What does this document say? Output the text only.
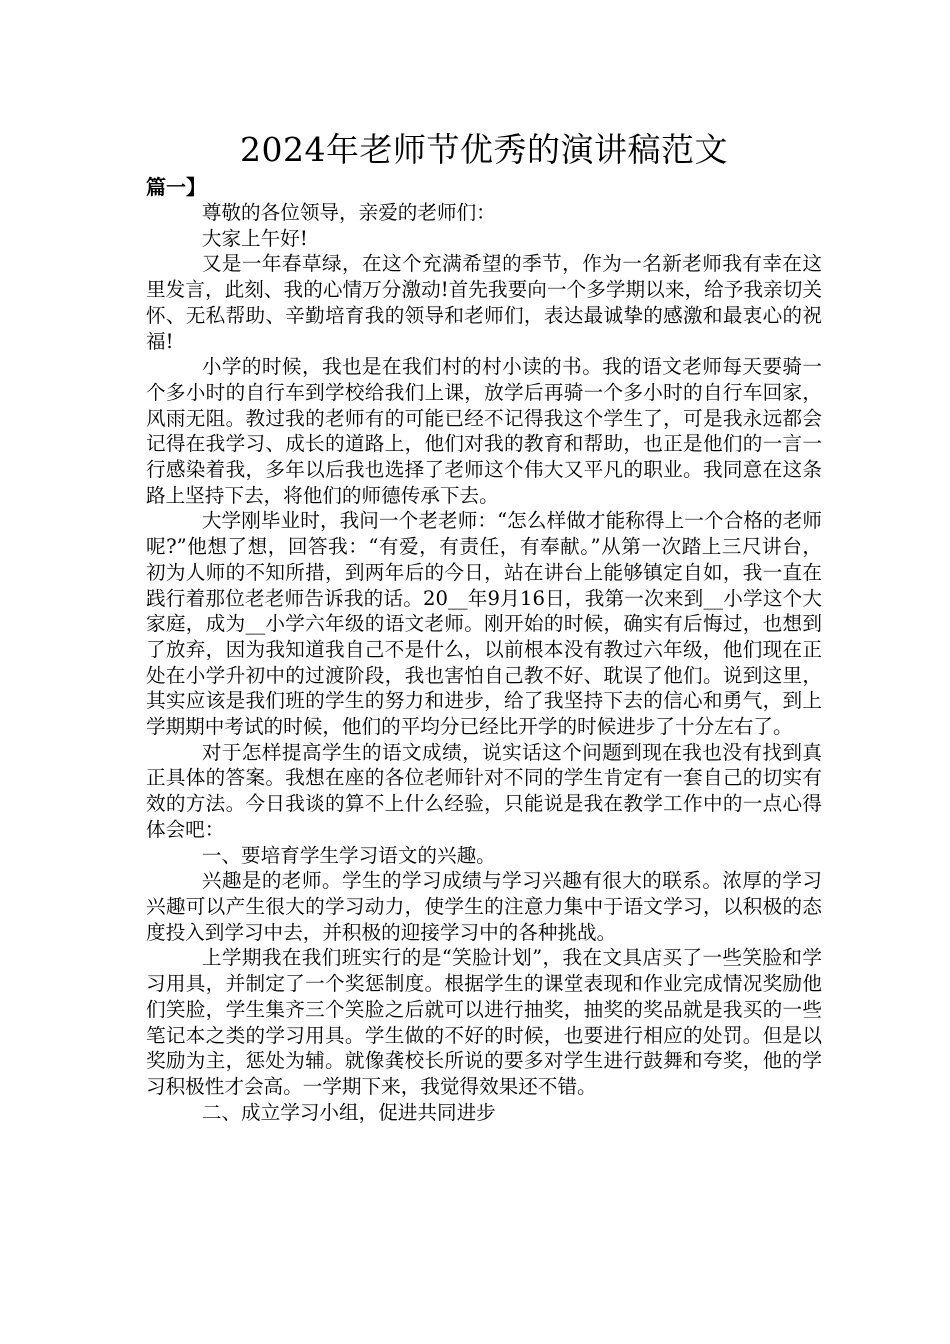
2024年老师节优秀的演讲稿范文

篇一】

尊敬的各位领导，亲爱的老师们：

大家上午好!

又是一年春草绿，在这个充满希望的季节，作为一名新老师我有幸在这里发言，此刻、我的心情万分激动!首先我要向一个多学期以来，给予我亲切关怀、无私帮助、辛勤培育我的领导和老师们，表达最诚挚的感激和最衷心的祝福!

小学的时候，我也是在我们村的村小读的书。我的语文老师每天要骑一个多小时的自行车到学校给我们上课，放学后再骑一个多小时的自行车回家，风雨无阻。教过我的老师有的可能已经不记得我这个学生了，可是我永远都会记得在我学习、成长的道路上，他们对我的教育和帮助，也正是他们的一言一行感染着我，多年以后我也选择了老师这个伟大又平凡的职业。我同意在这条路上坚持下去，将他们的师德传承下去。

大学刚毕业时，我问一个老老师：“怎么样做才能称得上一个合格的老师呢?”他想了想，回答我：“有爱，有责任，有奉献。”从第一次踏上三尺讲台，初为人师的不知所措，到两年后的今日，站在讲台上能够镇定自如，我一直在践行着那位老老师告诉我的话。20__年9月16日，我第一次来到__小学这个大家庭，成为__小学六年级的语文老师。刚开始的时候，确实有后悔过，也想到了放弃，因为我知道我自己不是什么，以前根本没有教过六年级，他们现在正处在小学升初中的过渡阶段，我也害怕自己教不好、耽误了他们。说到这里，其实应该是我们班的学生的努力和进步，给了我坚持下去的信心和勇气，到上学期期中考试的时候，他们的平均分已经比开学的时候进步了十分左右了。

对于怎样提高学生的语文成绩，说实话这个问题到现在我也没有找到真正具体的答案。我想在座的各位老师针对不同的学生肯定有一套自己的切实有效的方法。今日我谈的算不上什么经验，只能说是我在教学工作中的一点心得体会吧：

一、要培育学生学习语文的兴趣。

兴趣是的老师。学生的学习成绩与学习兴趣有很大的联系。浓厚的学习兴趣可以产生很大的学习动力，使学生的注意力集中于语文学习，以积极的态度投入到学习中去，并积极的迎接学习中的各种挑战。

上学期我在我们班实行的是“笑脸计划”，我在文具店买了一些笑脸和学习用具，并制定了一个奖惩制度。根据学生的课堂表现和作业完成情况奖励他们笑脸，学生集齐三个笑脸之后就可以进行抽奖，抽奖的奖品就是我买的一些笔记本之类的学习用具。学生做的不好的时候，也要进行相应的处罚。但是以奖励为主，惩处为辅。就像龚校长所说的要多对学生进行鼓舞和夸奖，他的学习积极性才会高。一学期下来，我觉得效果还不错。

二、成立学习小组，促进共同进步
